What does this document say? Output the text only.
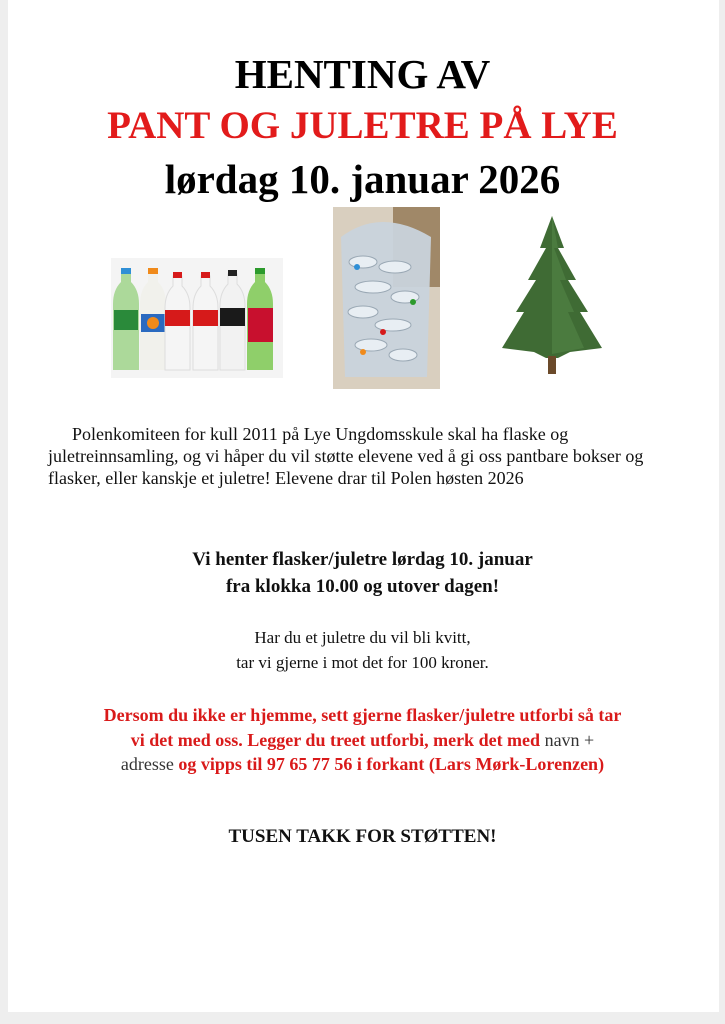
HENTING AV
PANT OG JULETRE PÅ LYE
lørdag 10. januar 2026
Polenkomiteen for kull 2011 på Lye Ungdomsskule skal ha flaske og juletreinnsamling, og vi håper du vil støtte elevene ved å gi oss pantbare bokser og flasker, eller kanskje et juletre! Elevene drar til Polen høsten 2026
Vi henter flasker/juletre lørdag 10. januar
fra klokka 10.00 og utover dagen!
Har du et juletre du vil bli kvitt,
tar vi gjerne i mot det for 100 kroner.
Dersom du ikke er hjemme, sett gjerne flasker/juletre utforbi så tar
vi det med oss. Legger du treet utforbi, merk det med navn +
adresse og vipps til 97 65 77 56 i forkant (Lars Mørk-Lorenzen)
TUSEN TAKK FOR STØTTEN!
